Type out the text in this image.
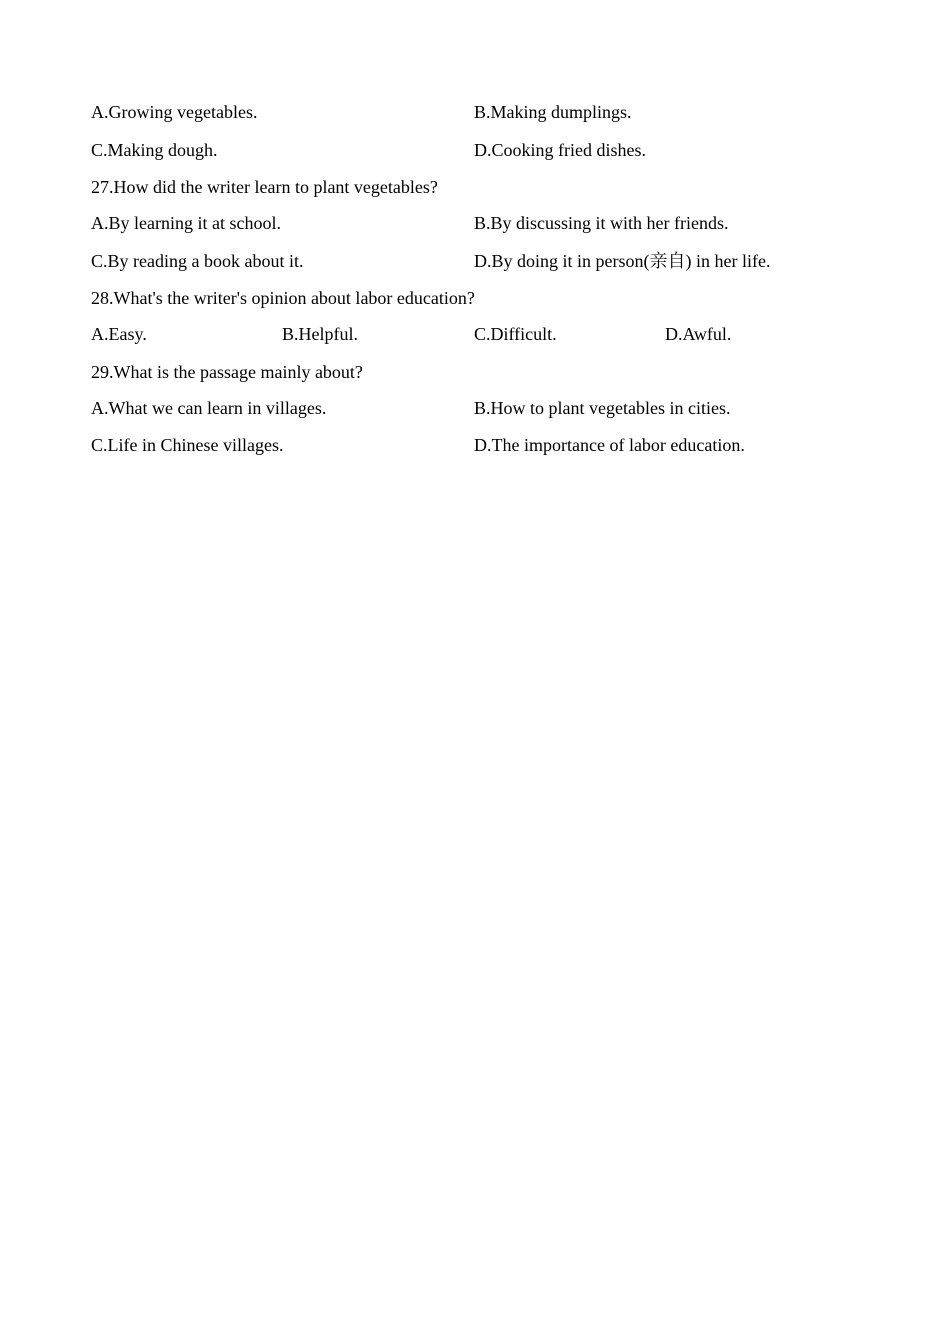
A.Growing vegetables.	B.Making dumplings.
C.Making dough.	D.Cooking fried dishes.
27.How did the writer learn to plant vegetables?
A.By learning it at school.	B.By discussing it with her friends.
C.By reading a book about it.	D.By doing it in person(亲自) in her life.
28.What's the writer's opinion about labor education?
A.Easy.	B.Helpful.	C.Difficult.	D.Awful.
29.What is the passage mainly about?
A.What we can learn in villages.	B.How to plant vegetables in cities.
C.Life in Chinese villages.	D.The importance of labor education.
